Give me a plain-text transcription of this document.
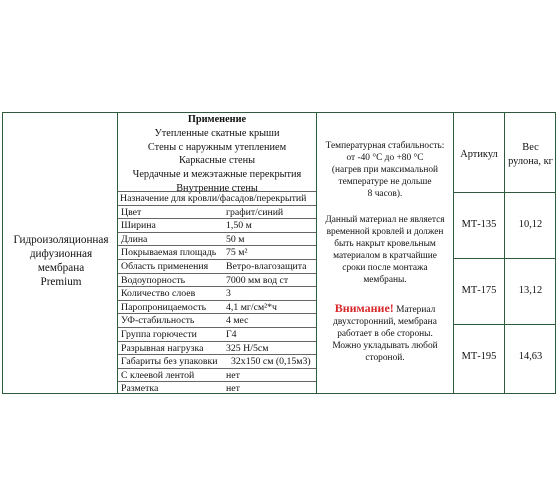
Гидроизоляционная
дифузионная мембрана
Premium
Применение
Утепленные скатные крыши
Стены с наружным утеплением
Каркасные стены
Чердачные и межэтажные перекрытия
Внутренние стены
Назначение для кровли/фасадов/перекрытий
Цвет	графит/синий
Ширина	1,50 м
Длина	50 м
Покрываемая площадь 75 м²
Область применения Ветро-влагозащита
Водоупорность	7000 мм вод ст
Количество слоев	3
Паропроницаемость 4,1 мг/см²*ч
УФ-стабильность	4 мес
Группа горючести	Г4
Разрывная нагрузка 325 Н/5см
Габариты без упаковки 32х150 см (0,15м3)
С клеевой лентой	нет
Разметка	нет
Температурная стабильность:
от -40 °С до +80 °С
(нагрев при максимальной
температуре не дольше
8 часов).
Данный материал не является
временной кровлей и должен
быть накрыт кровельным
материалом в кратчайшие
сроки после монтажа
мембраны.
Внимание! Материал
двухсторонний, мембрана
работает в обе стороны.
Можно укладывать любой
стороной.
Артикул
Вес
рулона, кг
МТ-135	10,12
МТ-175	13,12
МТ-195	14,63
